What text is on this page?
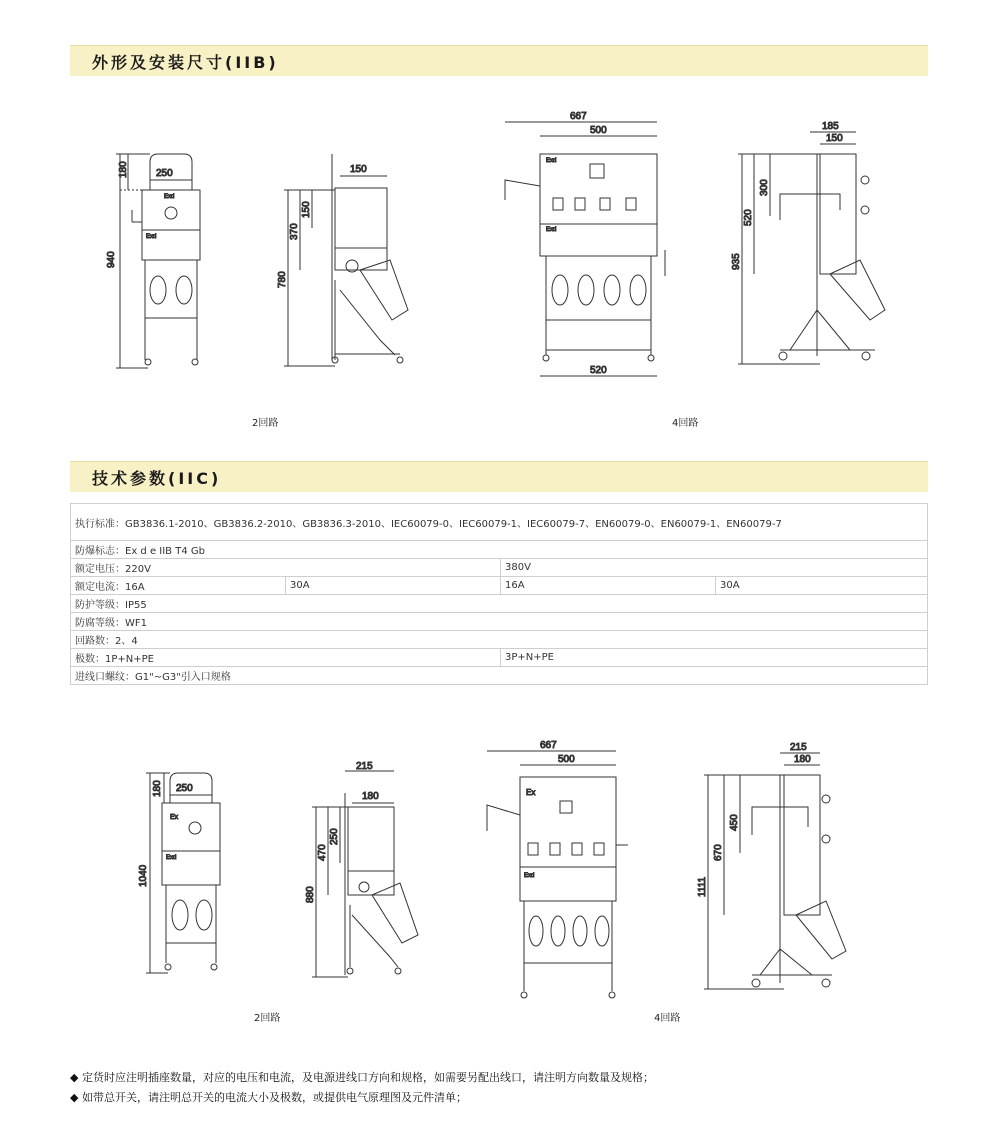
外形及安装尺寸(IIB)
250
180
940
Exd
Exd
150
150
370
780
667
500
520
Exd
Exd
185
150
300
520
935
2回路	4回路
技术参数(IIC)
执行标准：GB3836.1-2010、GB3836.2-2010、GB3836.3-2010、IEC60079-0、IEC60079-1、IEC60079-7、EN60079-0、EN60079-1、EN60079-7			
防爆标志：Ex d e IIB T4 Gb			
额定电压：220V		380V	
额定电流：16A	30A	16A	30A
防护等级：IP55			
防腐等级：WF1			
回路数：2、4			
极数：1P+N+PE		3P+N+PE	
进线口螺纹：G1"~G3"引入口规格			
250
180
1040
Ex
Exd
215
180
250
470
880
667
500
Ex
Exd
215
180
450
670
1111
2回路	4回路
◆ 定货时应注明插座数量，对应的电压和电流，及电源进线口方向和规格，如需要另配出线口，请注明方向数量及规格；
◆ 如带总开关，请注明总开关的电流大小及极数，或提供电气原理图及元件清单；
